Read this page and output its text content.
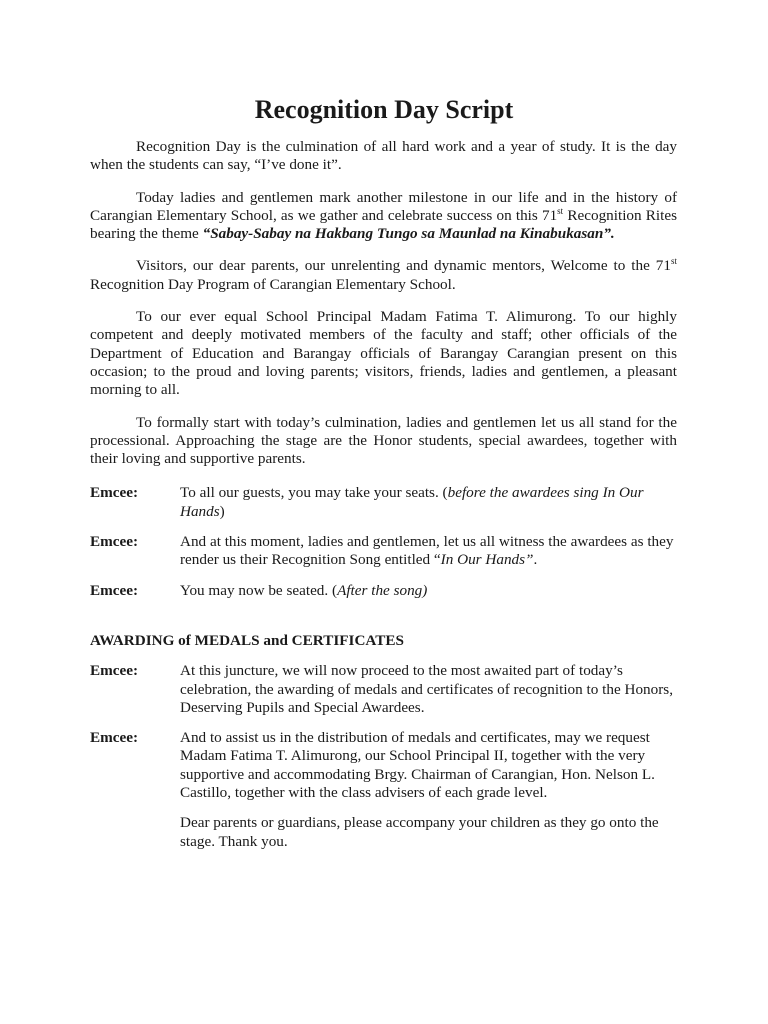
Recognition Day Script

Recognition Day is the culmination of all hard work and a year of study. It is the day when the students can say, “I’ve done it”.

Today ladies and gentlemen mark another milestone in our life and in the history of Carangian Elementary School, as we gather and celebrate success on this 71st Recognition Rites bearing the theme “Sabay-Sabay na Hakbang Tungo sa Maunlad na Kinabukasan”.

Visitors, our dear parents, our unrelenting and dynamic mentors, Welcome to the 71st Recognition Day Program of Carangian Elementary School.

To our ever equal School Principal Madam Fatima T. Alimurong. To our highly competent and deeply motivated members of the faculty and staff; other officials of the Department of Education and Barangay officials of Barangay Carangian present on this occasion; to the proud and loving parents; visitors, friends, ladies and gentlemen, a pleasant morning to all.

To formally start with today’s culmination, ladies and gentlemen let us all stand for the processional. Approaching the stage are the Honor students, special awardees, together with their loving and supportive parents.

Emcee:	To all our guests, you may take your seats. (before the awardees sing In Our Hands)
Emcee:	And at this moment, ladies and gentlemen, let us all witness the awardees as they render us their Recognition Song entitled “In Our Hands”.
Emcee:	You may now be seated. (After the song)
AWARDING of MEDALS and CERTIFICATES
Emcee:	At this juncture, we will now proceed to the most awaited part of today’s celebration, the awarding of medals and certificates of recognition to the Honors, Deserving Pupils and Special Awardees.
Emcee:	And to assist us in the distribution of medals and certificates, may we request Madam Fatima T. Alimurong, our School Principal II, together with the very supportive and accommodating Brgy. Chairman of Carangian, Hon. Nelson L. Castillo, together with the class advisers of each grade level.
Dear parents or guardians, please accompany your children as they go onto the stage. Thank you.
